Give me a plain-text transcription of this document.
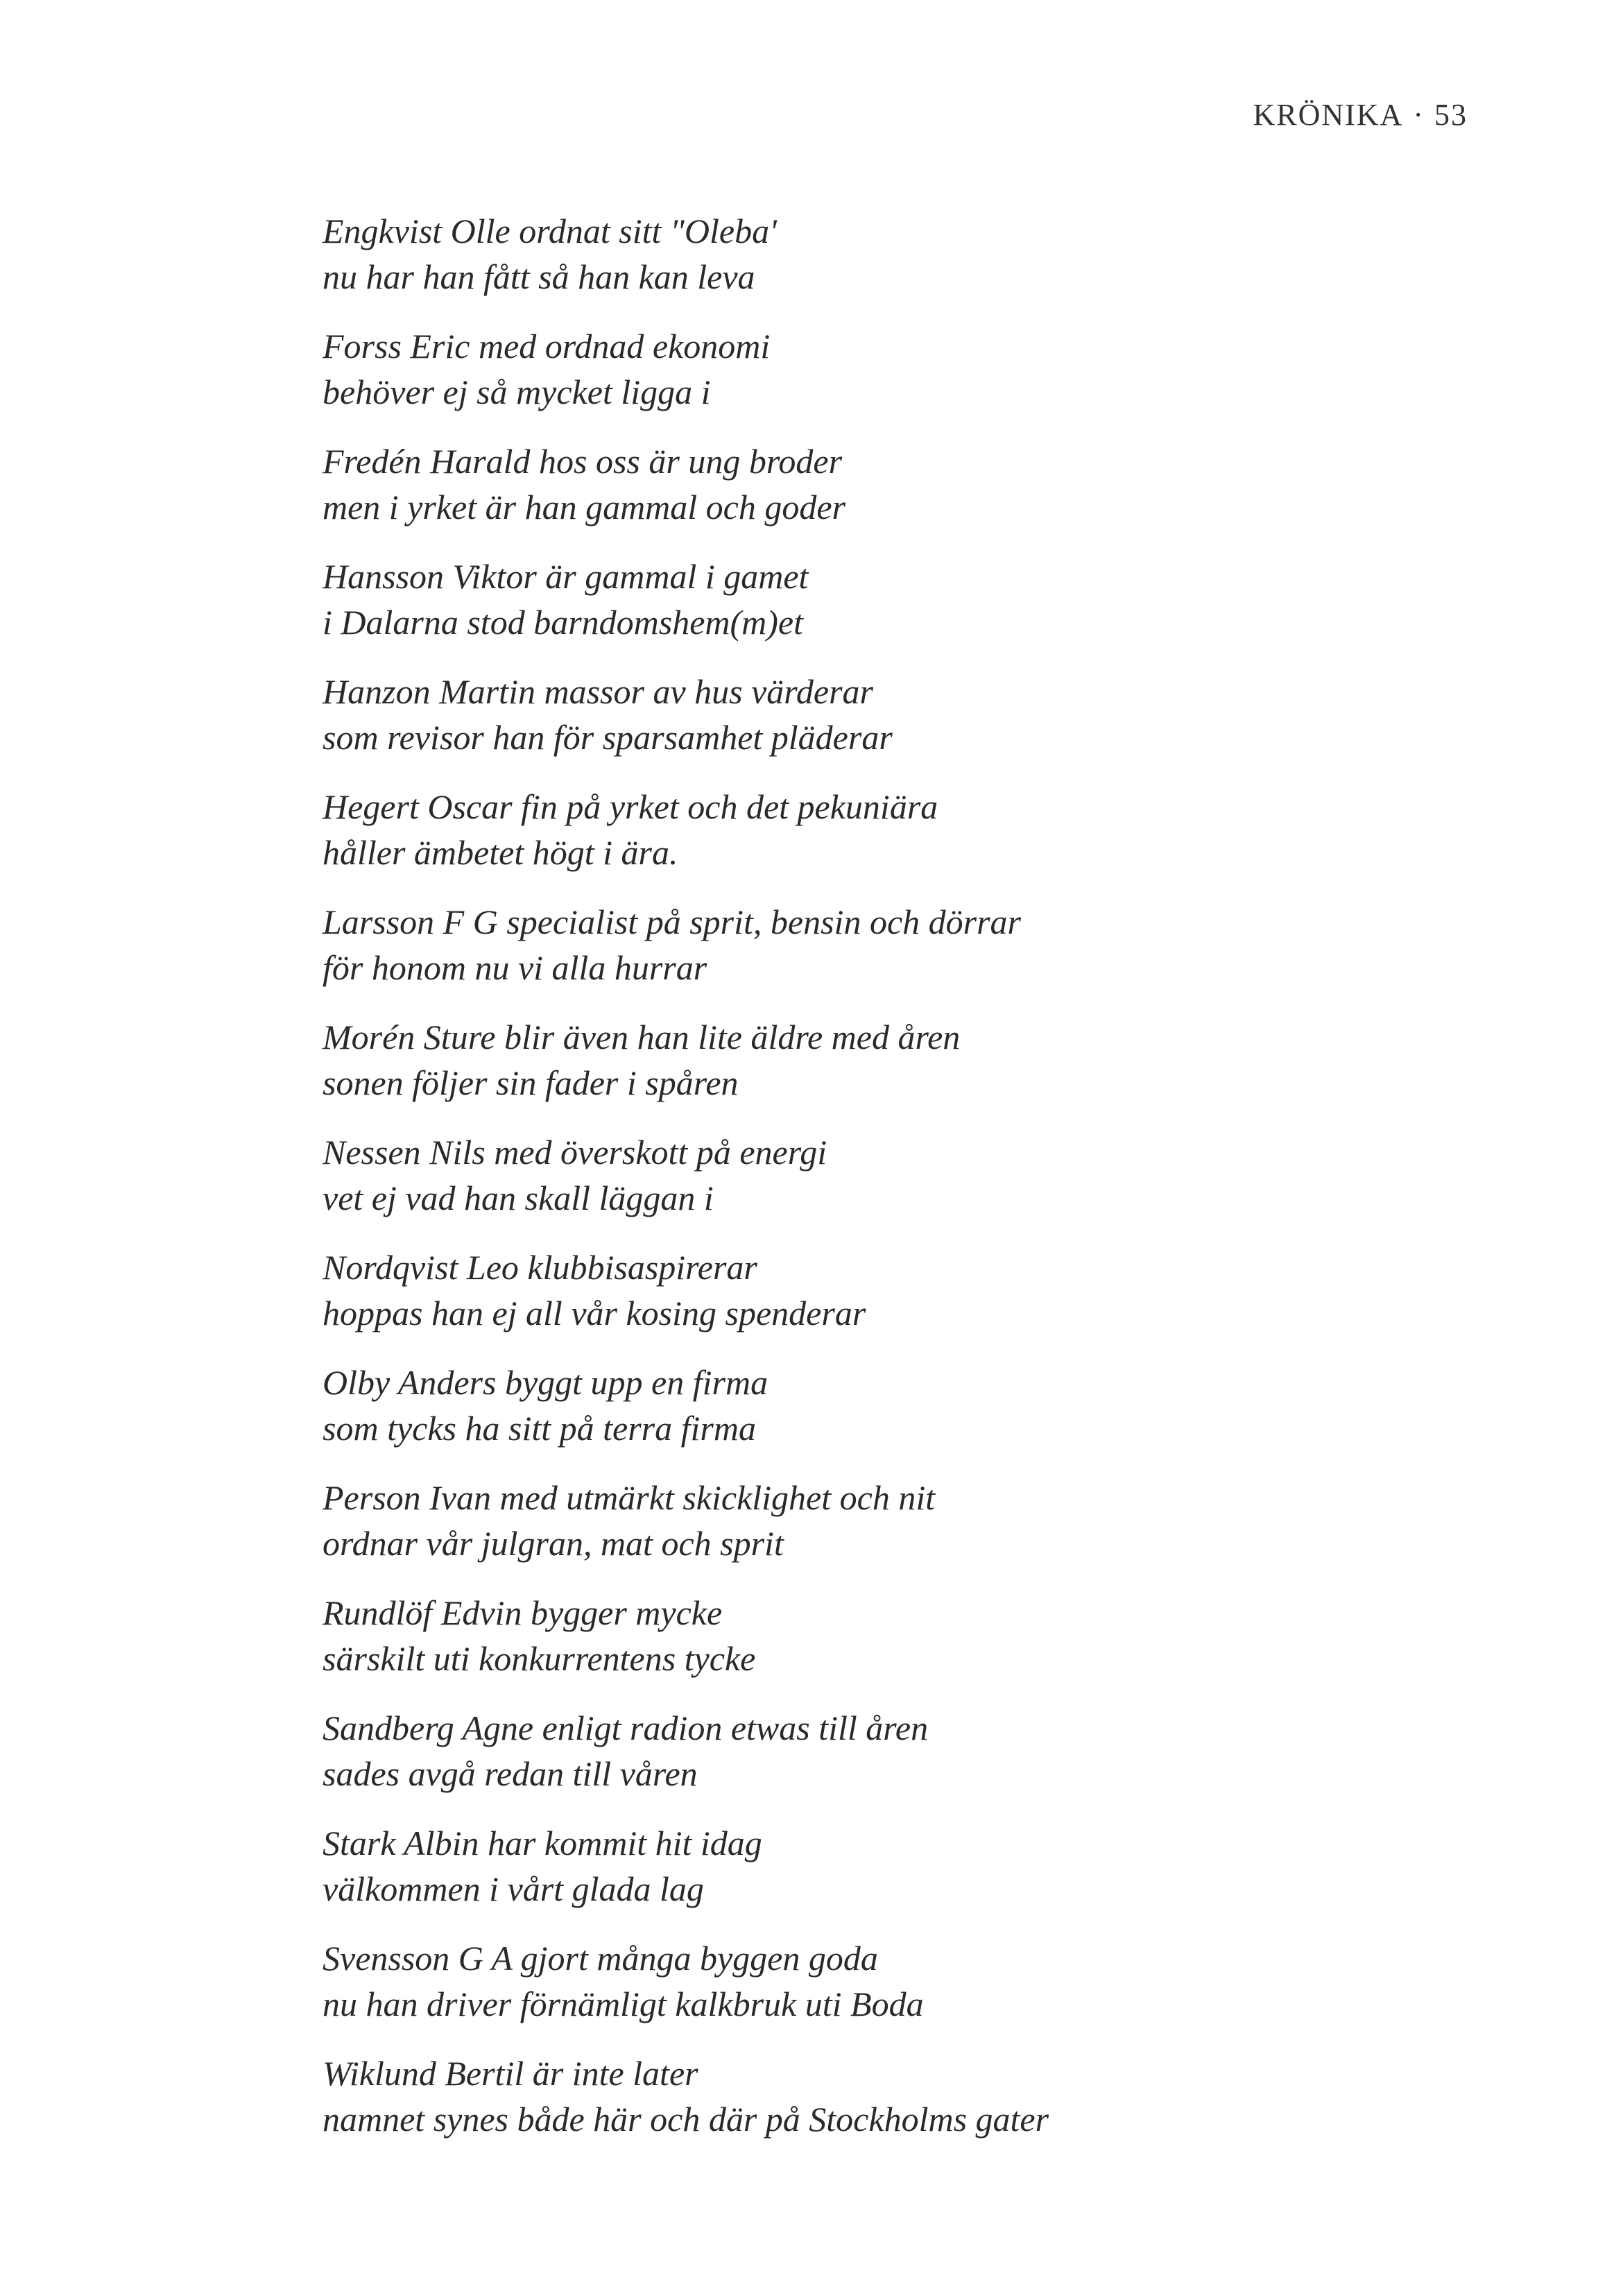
KRÖNIKA · 53
Engkvist Olle ordnat sitt "Oleba'
nu har han fått så han kan leva
Forss Eric med ordnad ekonomi
behöver ej så mycket ligga i
Fredén Harald hos oss är ung broder
men i yrket är han gammal och goder
Hansson Viktor är gammal i gamet
i Dalarna stod barndomshem(m)et
Hanzon Martin massor av hus värderar
som revisor han för sparsamhet pläderar
Hegert Oscar fin på yrket och det pekuniära
håller ämbetet högt i ära.
Larsson F G specialist på sprit, bensin och dörrar
för honom nu vi alla hurrar
Morén Sture blir även han lite äldre med åren
sonen följer sin fader i spåren
Nessen Nils med överskott på energi
vet ej vad han skall läggan i
Nordqvist Leo klubbisaspirerar
hoppas han ej all vår kosing spenderar
Olby Anders byggt upp en firma
som tycks ha sitt på terra firma
Person Ivan med utmärkt skicklighet och nit
ordnar vår julgran, mat och sprit
Rundlöf Edvin bygger mycke
särskilt uti konkurrentens tycke
Sandberg Agne enligt radion etwas till åren
sades avgå redan till våren
Stark Albin har kommit hit idag
välkommen i vårt glada lag
Svensson G A gjort många byggen goda
nu han driver förnämligt kalkbruk uti Boda
Wiklund Bertil är inte later
namnet synes både här och där på Stockholms gater
